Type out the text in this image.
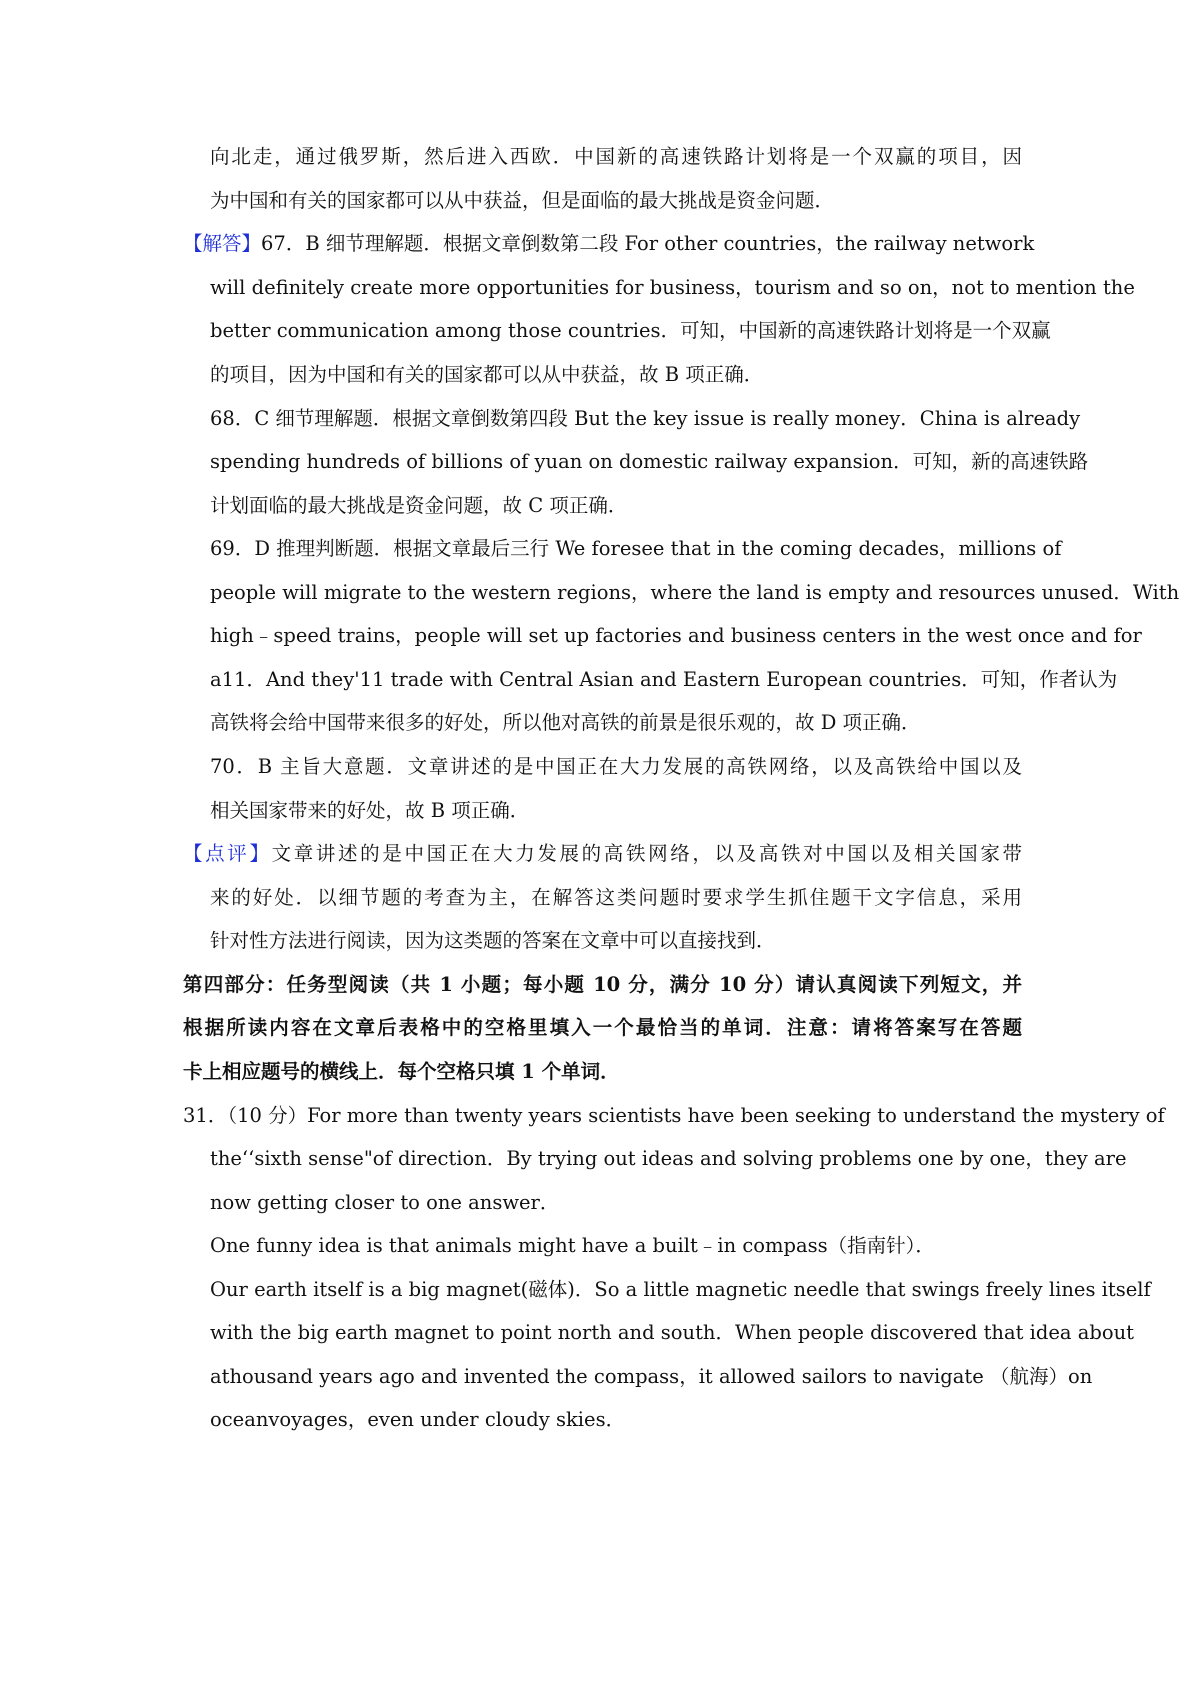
向北走，通过俄罗斯，然后进入西欧．中国新的高速铁路计划将是一个双赢的项目，因
为中国和有关的国家都可以从中获益，但是面临的最大挑战是资金问题．
【解答】67．B 细节理解题．根据文章倒数第二段 For other countries，the railway network
will definitely create more opportunities for business，tourism and so on，not to mention the
better communication among those countries．可知，中国新的高速铁路计划将是一个双赢
的项目，因为中国和有关的国家都可以从中获益，故 B 项正确．
68．C 细节理解题．根据文章倒数第四段 But the key issue is really money．China is already
spending hundreds of billions of yuan on domestic railway expansion．可知，新的高速铁路
计划面临的最大挑战是资金问题，故 C 项正确．
69．D 推理判断题．根据文章最后三行 We foresee that in the coming decades，millions of
people will migrate to the western regions，where the land is empty and resources unused．With
high﹣speed trains，people will set up factories and business centers in the west once and for
a11．And they'11 trade with Central Asian and Eastern European countries．可知，作者认为
高铁将会给中国带来很多的好处，所以他对高铁的前景是很乐观的，故 D 项正确．
70．B 主旨大意题．文章讲述的是中国正在大力发展的高铁网络，以及高铁给中国以及
相关国家带来的好处，故 B 项正确．
【点评】文章讲述的是中国正在大力发展的高铁网络，以及高铁对中国以及相关国家带
来的好处．以细节题的考查为主，在解答这类问题时要求学生抓住题干文字信息，采用
针对性方法进行阅读，因为这类题的答案在文章中可以直接找到．
第四部分：任务型阅读（共 1 小题；每小题 10 分，满分 10 分）请认真阅读下列短文，并
根据所读内容在文章后表格中的空格里填入一个最恰当的单词．注意：请将答案写在答题
卡上相应题号的横线上．每个空格只填 1 个单词．
31．（10 分）For more than twenty years scientists have been seeking to understand the mystery of
the‘‘sixth sense"of direction．By trying out ideas and solving problems one by one，they are
now getting closer to one answer．
One funny idea is that animals might have a built﹣in compass（指南针）．
Our earth itself is a big magnet(磁体)．So a little magnetic needle that swings freely lines itself
with the big earth magnet to point north and south．When people discovered that idea about
athousand years ago and invented the compass，it allowed sailors to navigate （航海）on
oceanvoyages，even under cloudy skies．
